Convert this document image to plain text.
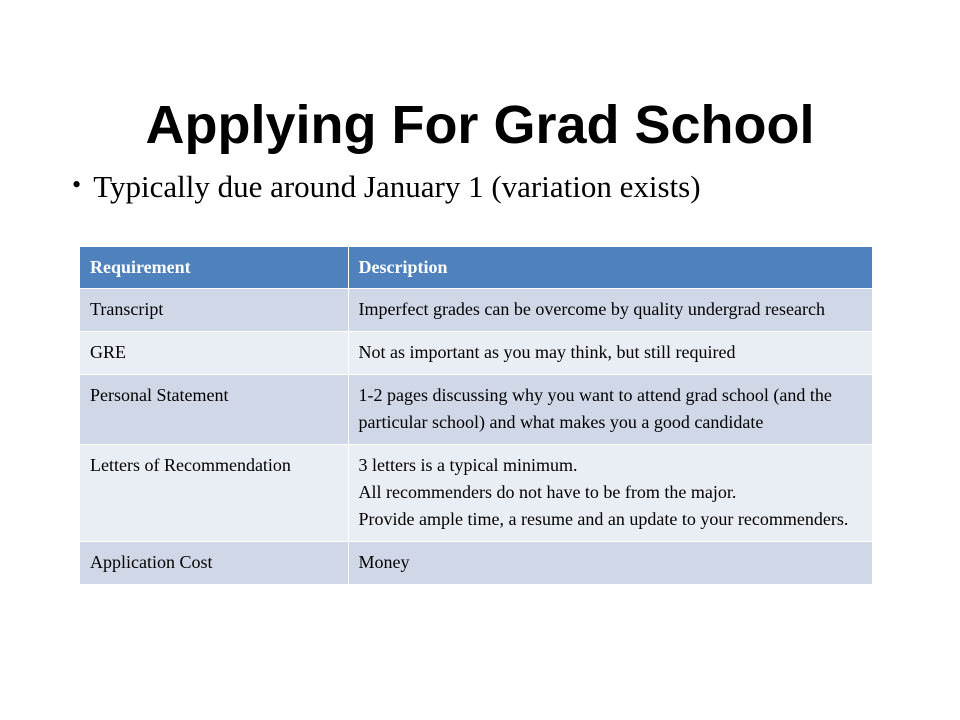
Applying For Grad School
• Typically due around January 1 (variation exists)
Requirement	Description
Transcript	Imperfect grades can be overcome by quality undergrad research
GRE	Not as important as you may think, but still required
Personal Statement	1-2 pages discussing why you want to attend grad school (and the particular school) and what makes you a good candidate
Letters of Recommendation	3 letters is a typical minimum.
All recommenders do not have to be from the major.
Provide ample time, a resume and an update to your recommenders.

Application Cost	Money
